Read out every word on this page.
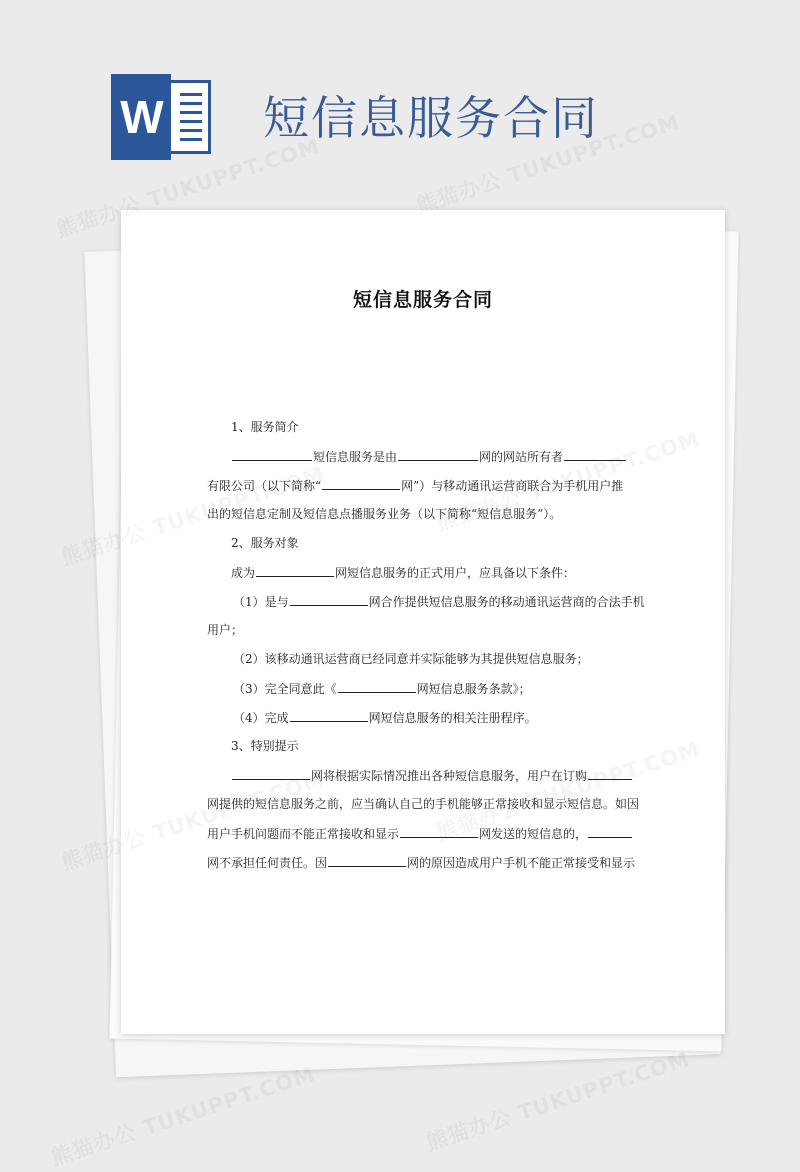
W 短信息服务合同
短信息服务合同
1、服务简介
短信息服务是由	网的网站所有者
有限公司（以下简称“	网”）与移动通讯运营商联合为手机用户推
出的短信息定制及短信息点播服务业务（以下简称“短信息服务”）。
2、服务对象
成为	网短信息服务的正式用户，应具备以下条件：
（1）是与	网合作提供短信息服务的移动通讯运营商的合法手机
用户；
（2）该移动通讯运营商已经同意并实际能够为其提供短信息服务；
（3）完全同意此《	网短信息服务条款》；
（4）完成	网短信息服务的相关注册程序。
3、特别提示
网将根据实际情况推出各种短信息服务，用户在订购
网提供的短信息服务之前，应当确认自己的手机能够正常接收和显示短信息。如因
用户手机问题而不能正常接收和显示	网发送的短信息的，
网不承担任何责任。因	网的原因造成用户手机不能正常接受和显示
